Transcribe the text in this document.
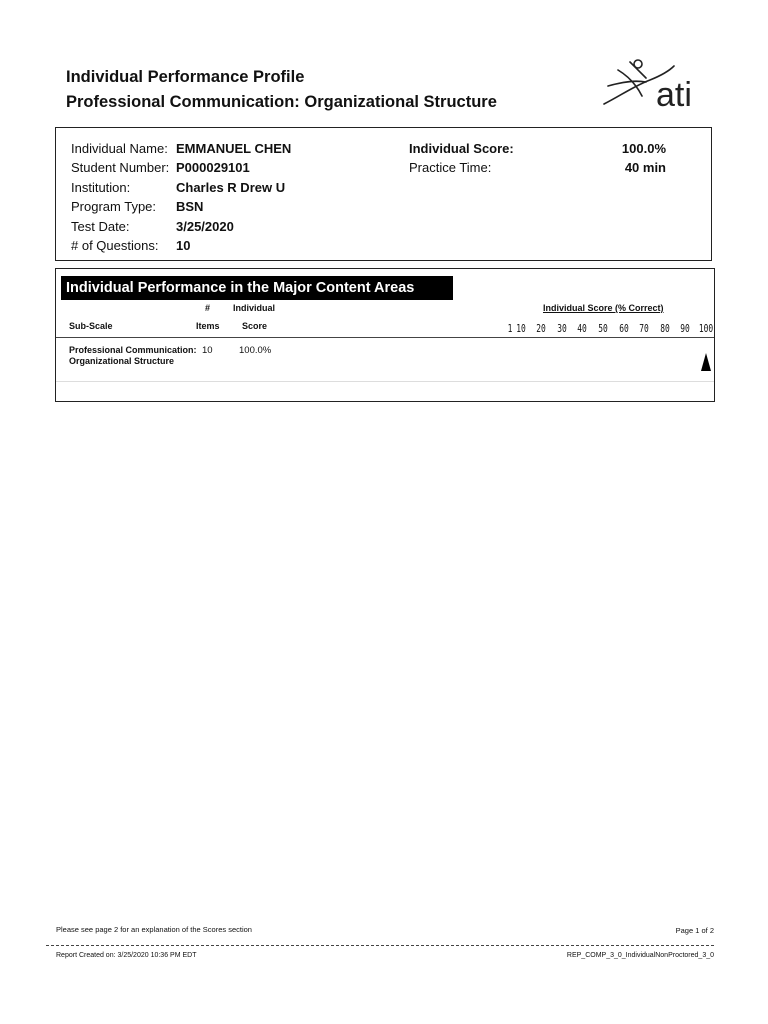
Individual Performance Profile
Professional Communication: Organizational Structure	ati
Individual Name: EMMANUEL CHEN
Student Number: P000029101
Institution:	Charles R Drew U
Program Type:	BSN
Test Date:	3/25/2020
# of Questions:	10
Individual Score:	100.0%
Practice Time:	40 min
Individual Performance in the Major Content Areas
#	Individual	Individual Score (% Correct)
Sub-Scale	Items Score	1 10	20	30	40	50	60	70	80	90 100
Professional Communication: Organizational Structure
10	100.0%
Please see page 2 for an explanation of the Scores section	Page 1 of 2
Report Created on: 3/25/2020 10:36 PM EDT	REP_COMP_3_0_IndividualNonProctored_3_0
